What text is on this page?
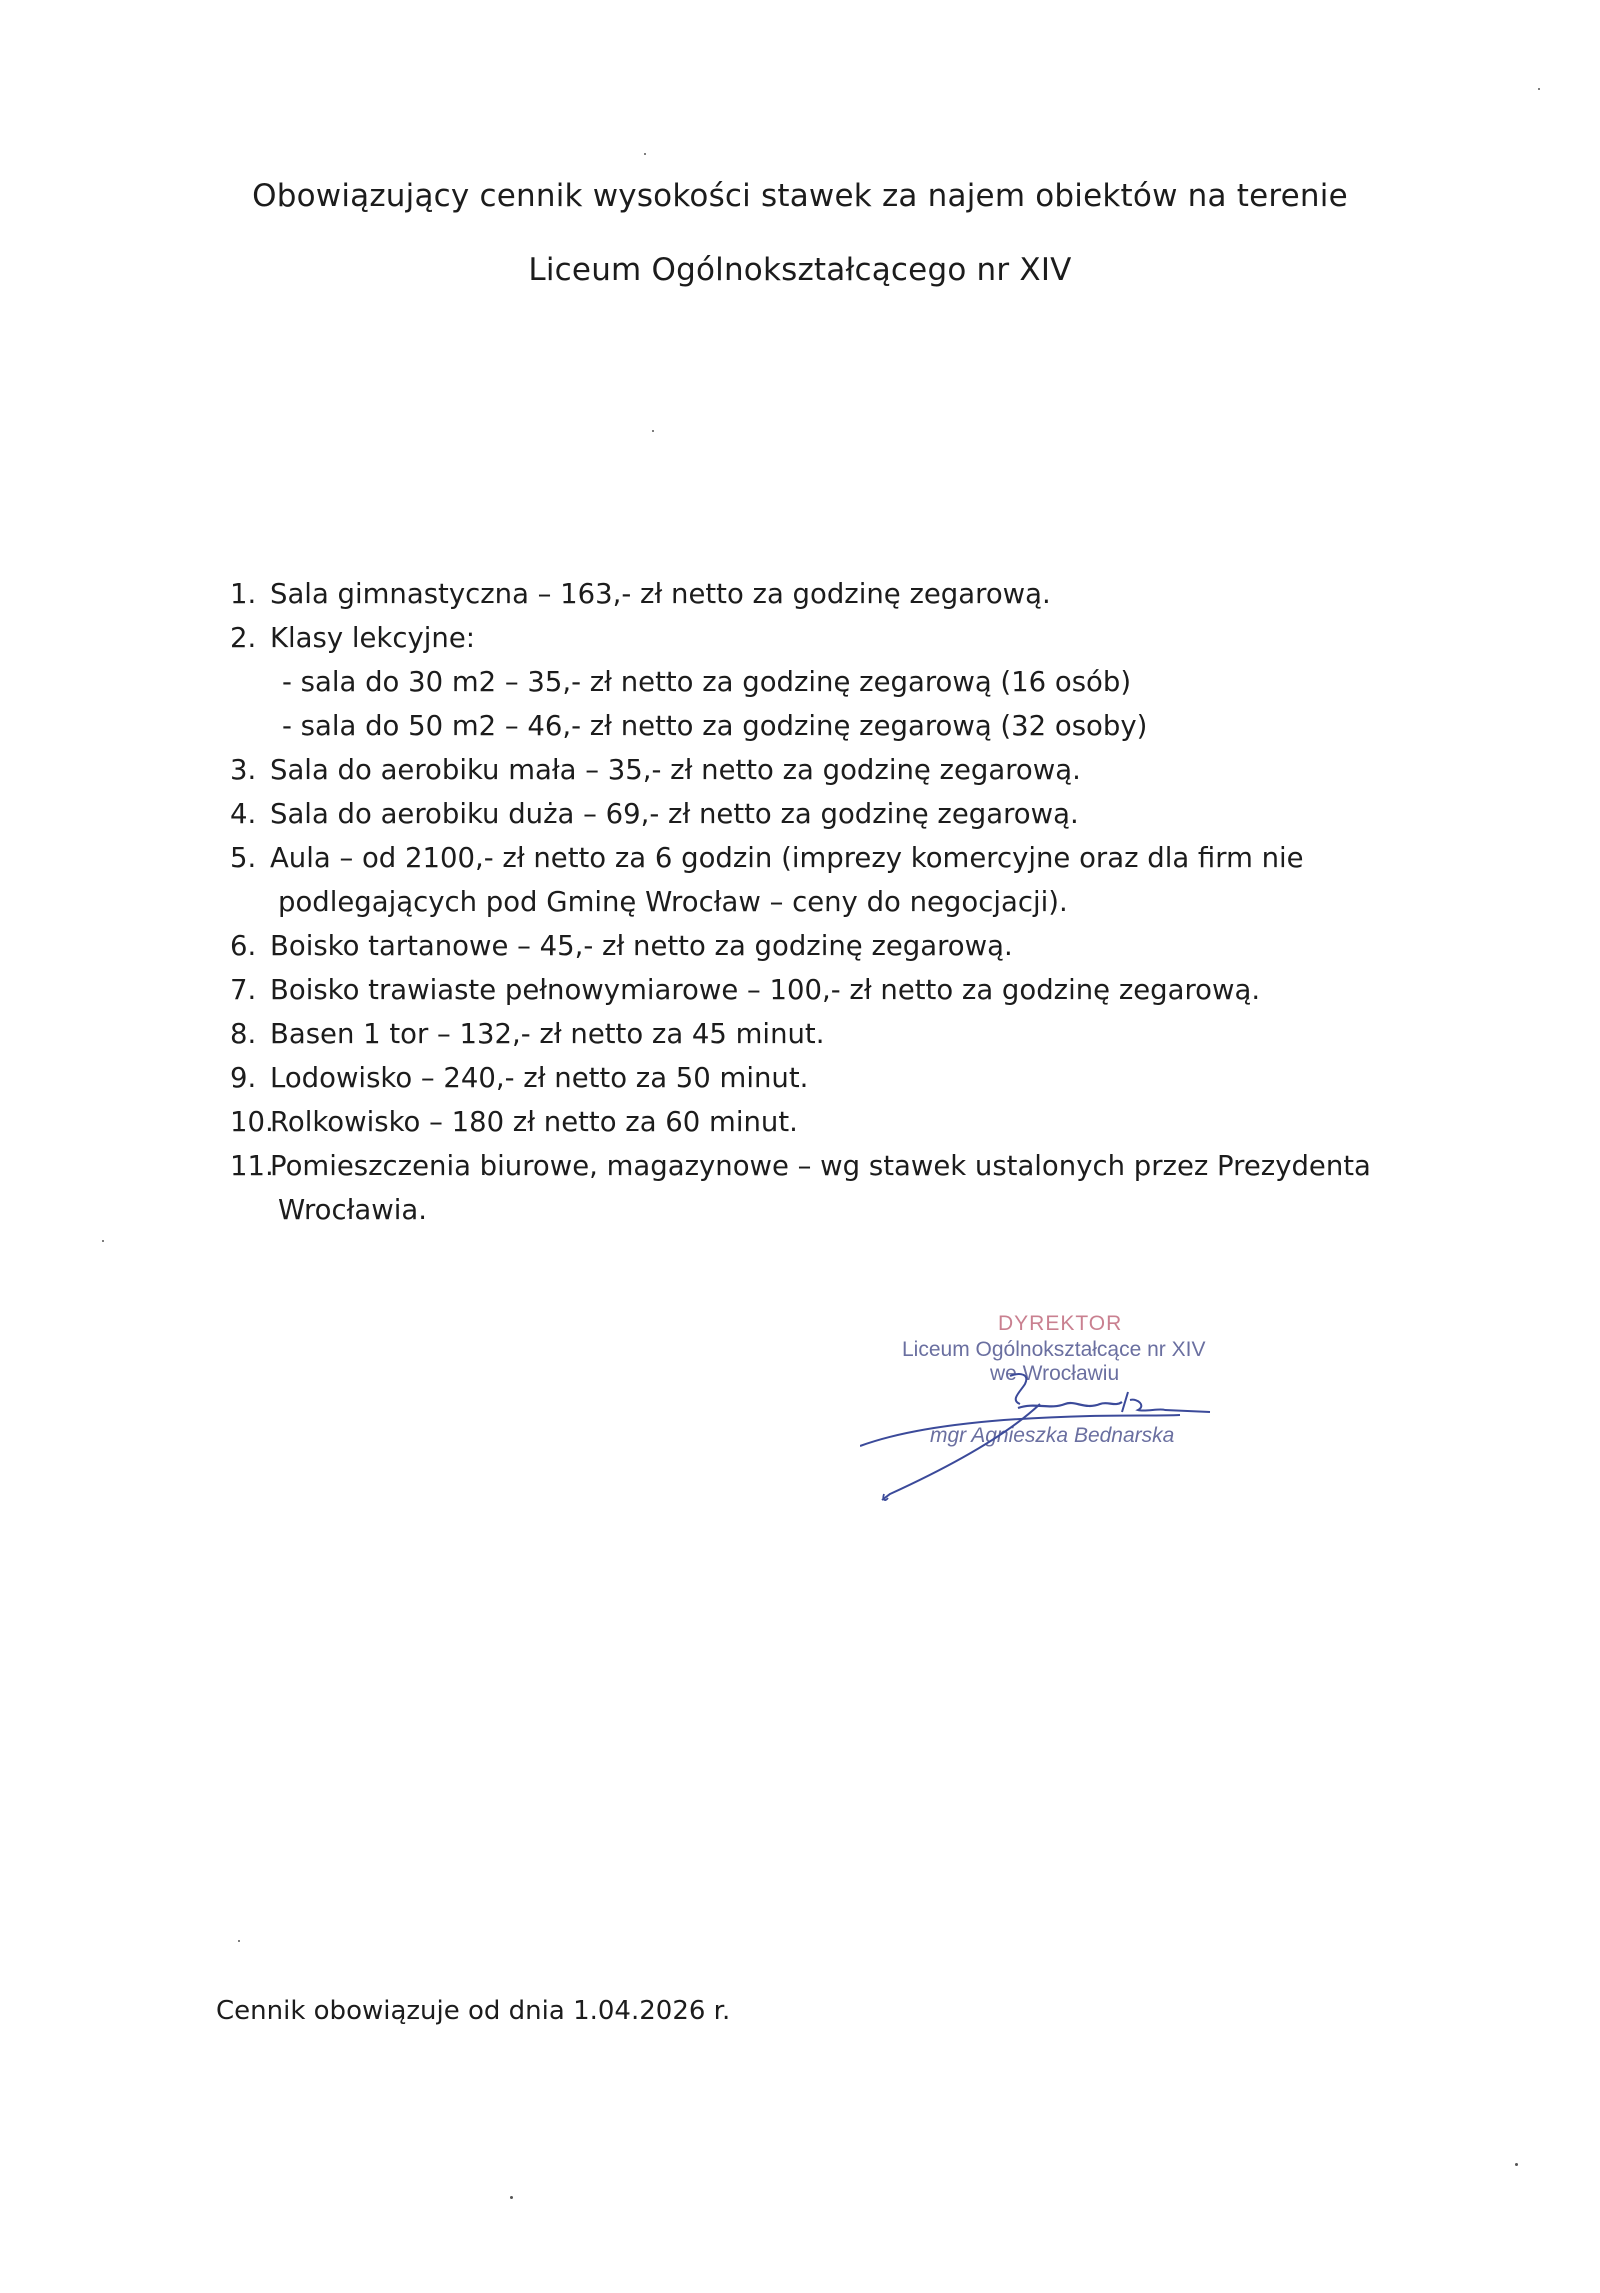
Obowiązujący cennik wysokości stawek za najem obiektów na terenie
Liceum Ogólnokształcącego nr XIV
1. Sala gimnastyczna – 163,- zł netto za godzinę zegarową.
2. Klasy lekcyjne:
- sala do 30 m2 – 35,- zł netto za godzinę zegarową (16 osób)
- sala do 50 m2 – 46,- zł netto za godzinę zegarową (32 osoby)
3. Sala do aerobiku mała – 35,- zł netto za godzinę zegarową.
4. Sala do aerobiku duża – 69,- zł netto za godzinę zegarową.
5. Aula – od 2100,- zł netto za 6 godzin (imprezy komercyjne oraz dla firm nie
podlegających pod Gminę Wrocław – ceny do negocjacji).
6. Boisko tartanowe – 45,- zł netto za godzinę zegarową.
7. Boisko trawiaste pełnowymiarowe – 100,- zł netto za godzinę zegarową.
8. Basen 1 tor – 132,- zł netto za 45 minut.
9. Lodowisko – 240,- zł netto za 50 minut.
10.
Rolkowisko – 180 zł netto za 60 minut.
11.
Pomieszczenia biurowe, magazynowe – wg stawek ustalonych przez Prezydenta
Wrocławia.
DYREKTOR
Liceum Ogólnokształcące nr XIV
we Wrocławiu
mgr Agnieszka Bednarska
Cennik obowiązuje od dnia 1.04.2026 r.
